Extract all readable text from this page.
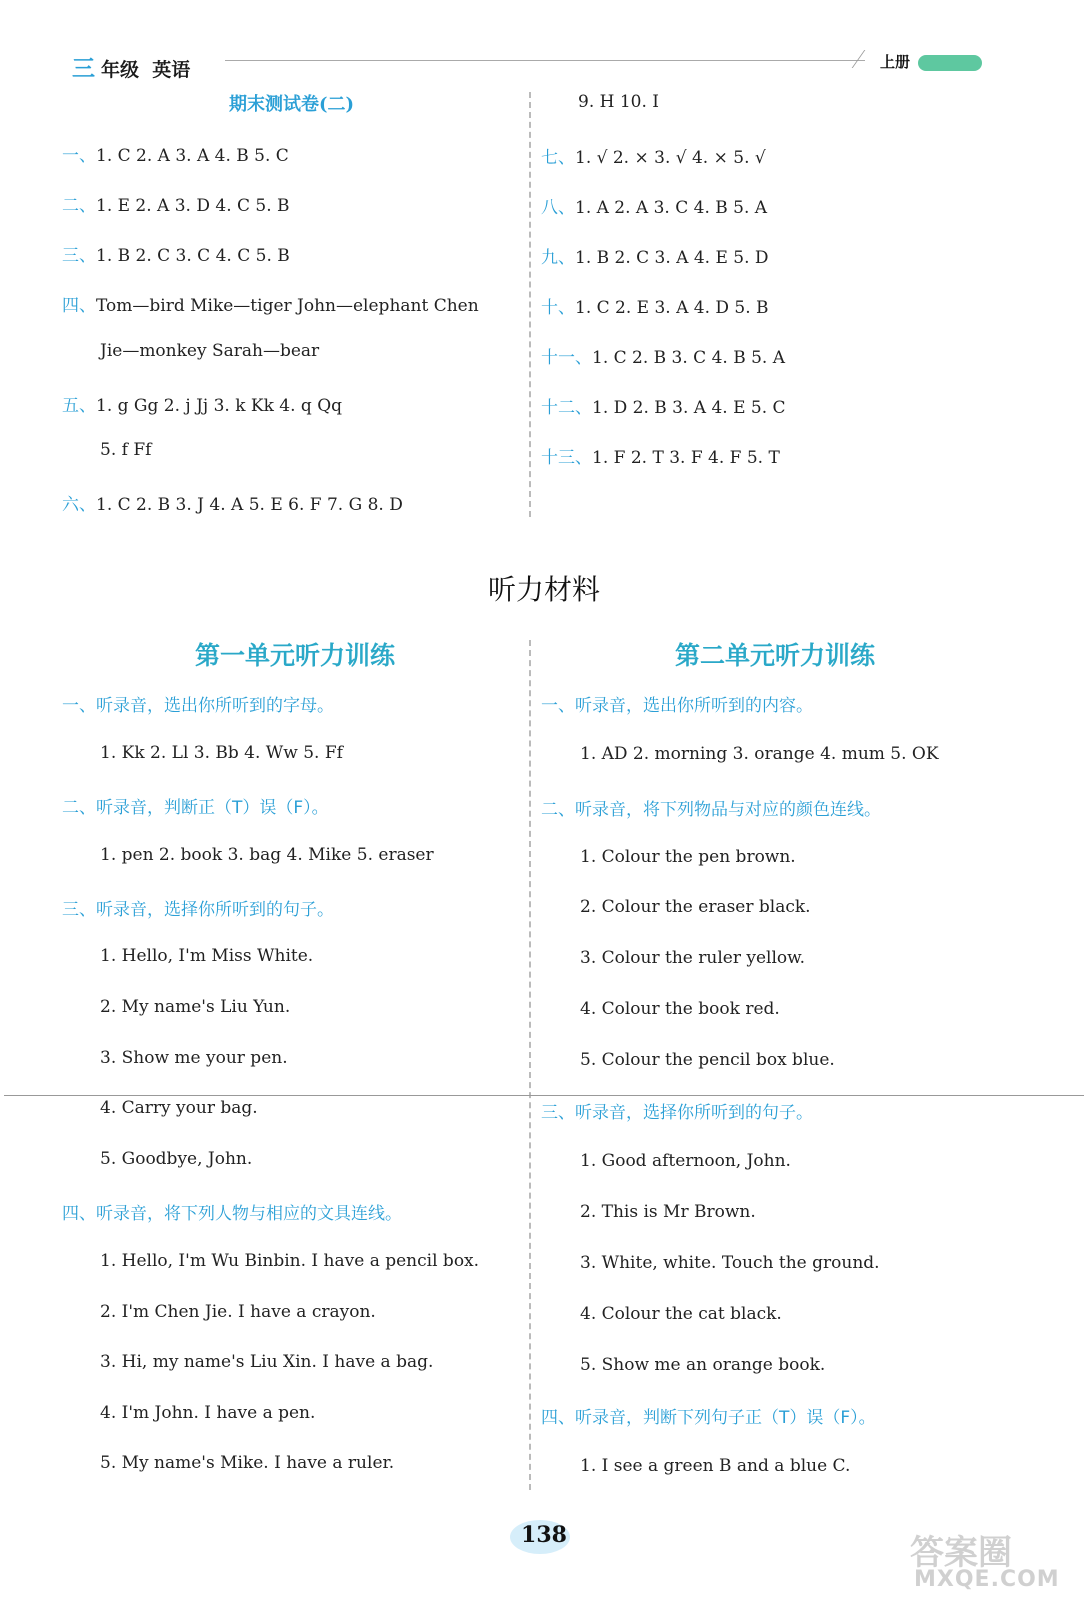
三 年级 英语	上册
期末测试卷(二)
一、1. C 2. A 3. A 4. B 5. C
二、1. E 2. A 3. D 4. C 5. B
三、1. B 2. C 3. C 4. C 5. B
四、Tom—bird Mike—tiger John—elephant Chen
Jie—monkey Sarah—bear
五、1. g Gg 2. j Jj 3. k Kk 4. q Qq
5. f Ff
六、1. C 2. B 3. J 4. A 5. E 6. F 7. G 8. D
9. H 10. I
七、1. √ 2. × 3. √ 4. × 5. √
八、1. A 2. A 3. C 4. B 5. A
九、1. B 2. C 3. A 4. E 5. D
十、1. C 2. E 3. A 4. D 5. B
十一、1. C 2. B 3. C 4. B 5. A
十二、1. D 2. B 3. A 4. E 5. C
十三、1. F 2. T 3. F 4. F 5. T
听力材料
第一单元听力训练
一、听录音，选出你所听到的字母。
1. Kk 2. Ll 3. Bb 4. Ww 5. Ff
二、听录音，判断正（T）误（F）。
1. pen 2. book 3. bag 4. Mike 5. eraser
三、听录音，选择你所听到的句子。
1. Hello, I'm Miss White.
2. My name's Liu Yun.
3. Show me your pen.
4. Carry your bag.
5. Goodbye, John.
四、听录音，将下列人物与相应的文具连线。
1. Hello, I'm Wu Binbin. I have a pencil box.
2. I'm Chen Jie. I have a crayon.
3. Hi, my name's Liu Xin. I have a bag.
4. I'm John. I have a pen.
5. My name's Mike. I have a ruler.
第二单元听力训练
一、听录音，选出你所听到的内容。
1. AD 2. morning 3. orange 4. mum 5. OK
二、听录音，将下列物品与对应的颜色连线。
1. Colour the pen brown.
2. Colour the eraser black.
3. Colour the ruler yellow.
4. Colour the book red.
5. Colour the pencil box blue.
三、听录音，选择你所听到的句子。
1. Good afternoon, John.
2. This is Mr Brown.
3. White, white. Touch the ground.
4. Colour the cat black.
5. Show me an orange book.
四、听录音，判断下列句子正（T）误（F）。
1. I see a green B and a blue C.
138	答案圈
MXQE.COM
